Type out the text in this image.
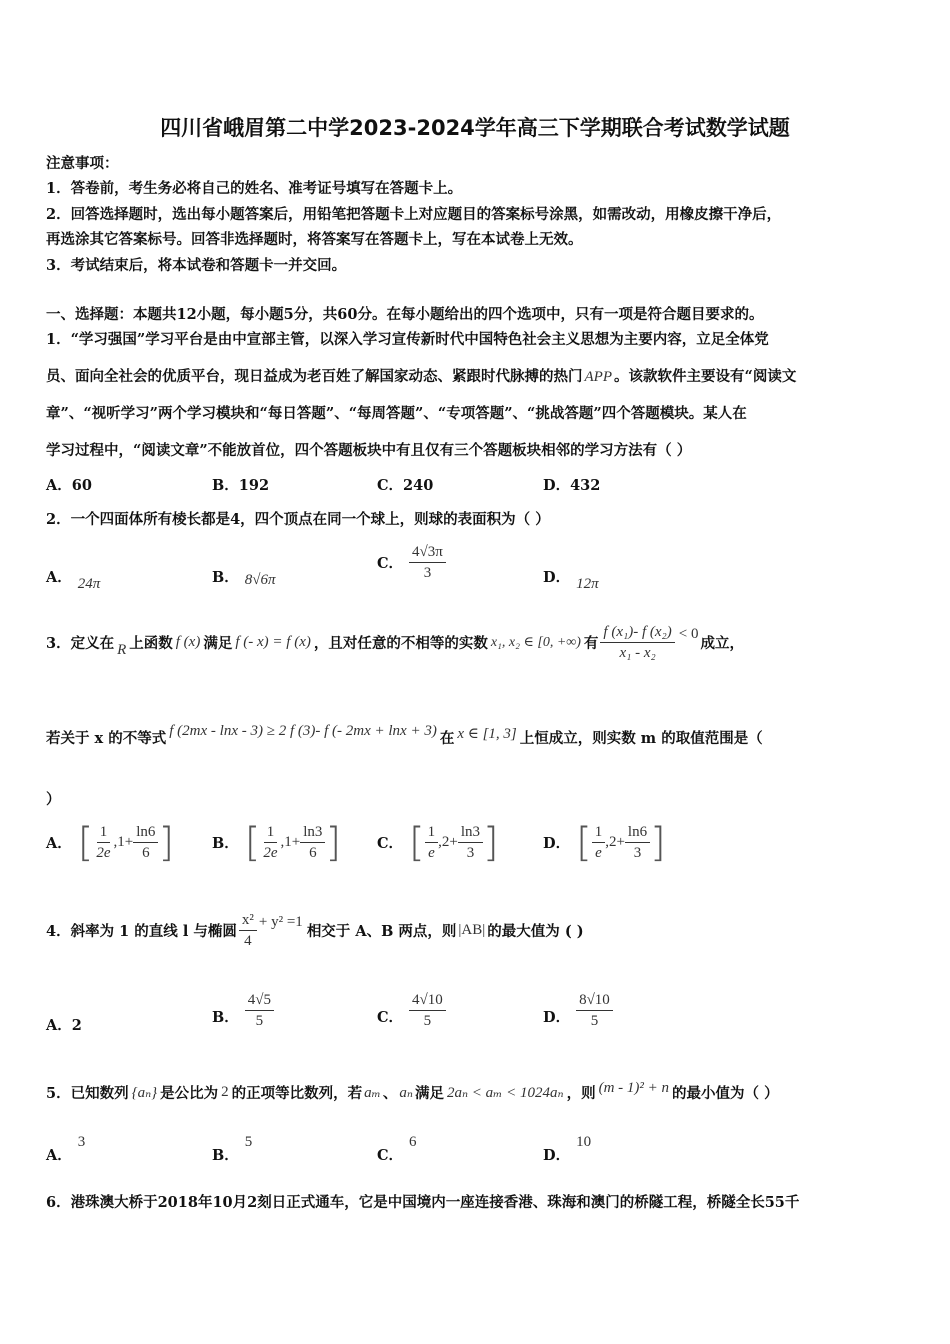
四川省峨眉第二中学2023-2024学年高三下学期联合考试数学试题
注意事项：
1．答卷前，考生务必将自己的姓名、准考证号填写在答题卡上。
2．回答选择题时，选出每小题答案后，用铅笔把答题卡上对应题目的答案标号涂黑，如需改动，用橡皮擦干净后，
再选涂其它答案标号。回答非选择题时，将答案写在答题卡上，写在本试卷上无效。
3．考试结束后，将本试卷和答题卡一并交回。
一、选择题：本题共12小题，每小题5分，共60分。在每小题给出的四个选项中，只有一项是符合题目要求的。
1．“学习强国”学习平台是由中宣部主管，以深入学习宣传新时代中国特色社会主义思想为主要内容，立足全体党
员、面向全社会的优质平台，现日益成为老百姓了解国家动态、紧跟时代脉搏的热门 APP 。该款软件主要设有“阅读文
章”、“视听学习”两个学习模块和“每日答题”、“每周答题”、“专项答题”、“挑战答题”四个答题模块。某人在
学习过程中，“阅读文章”不能放首位，四个答题板块中有且仅有三个答题板块相邻的学习方法有（ ）
A．60	B．192	C．240	D．432
2．一个四面体所有棱长都是4，四个顶点在同一个球上，则球的表面积为（ ）
A． 24π	B． 8√6π
C． $\frac{4√3\pi}{3}$	D． 12π
3．定义在 R 上函数 f (x) 满足 f (- x) = f (x) ，且对任意的不相等的实数 x₁, x₂ ∈ [0, +∞) 有 $\frac{\text{f (x₁)- f (x₂)}}{\text{x₁ - x₂}} < 0$
成立，
若关于 x 的不等式 f (2mx - lnx - 3) ≥ 2 f (3)- f (- 2mx + lnx + 3) 在 x ∈ [1, 3] 上恒成立，则实数 m 的取值范围是（
）
A． [ $\frac{1}{2e} ,1+ \frac{\ln 6}{6}$ ]	B． [ $\frac{1}{2e} ,1+ \frac{\ln 3}{6}$ ] C． [ $\frac{1}{e} ,2+ \frac{\ln 3}{3}$ ]	D． [ $\frac{1}{e} ,2+ \frac{\ln 6}{3}$ ]
4．斜率为 1 的直线 l 与椭圆 $\frac{\text{x²}}{4} + y^2 =1$
相交于 A、B 两点，则 |AB| 的最大值为 ( )
A．2	B． $\frac{4√5}{5}$	C． $\frac{4√10}{5}$	D． $\frac{8√10}{5}$
5．已知数列 {aₙ} 是公比为 2 的正项等比数列，若 aₘ 、 aₙ 满足 2aₙ < aₘ < 1024aₙ ，则 (m - 1)² + n 的最小值为（ ）
A．3
B．5
C．6
D．10
6．港珠澳大桥于2018年10月2刻日正式通车，它是中国境内一座连接香港、珠海和澳门的桥隧工程，桥隧全长55千
